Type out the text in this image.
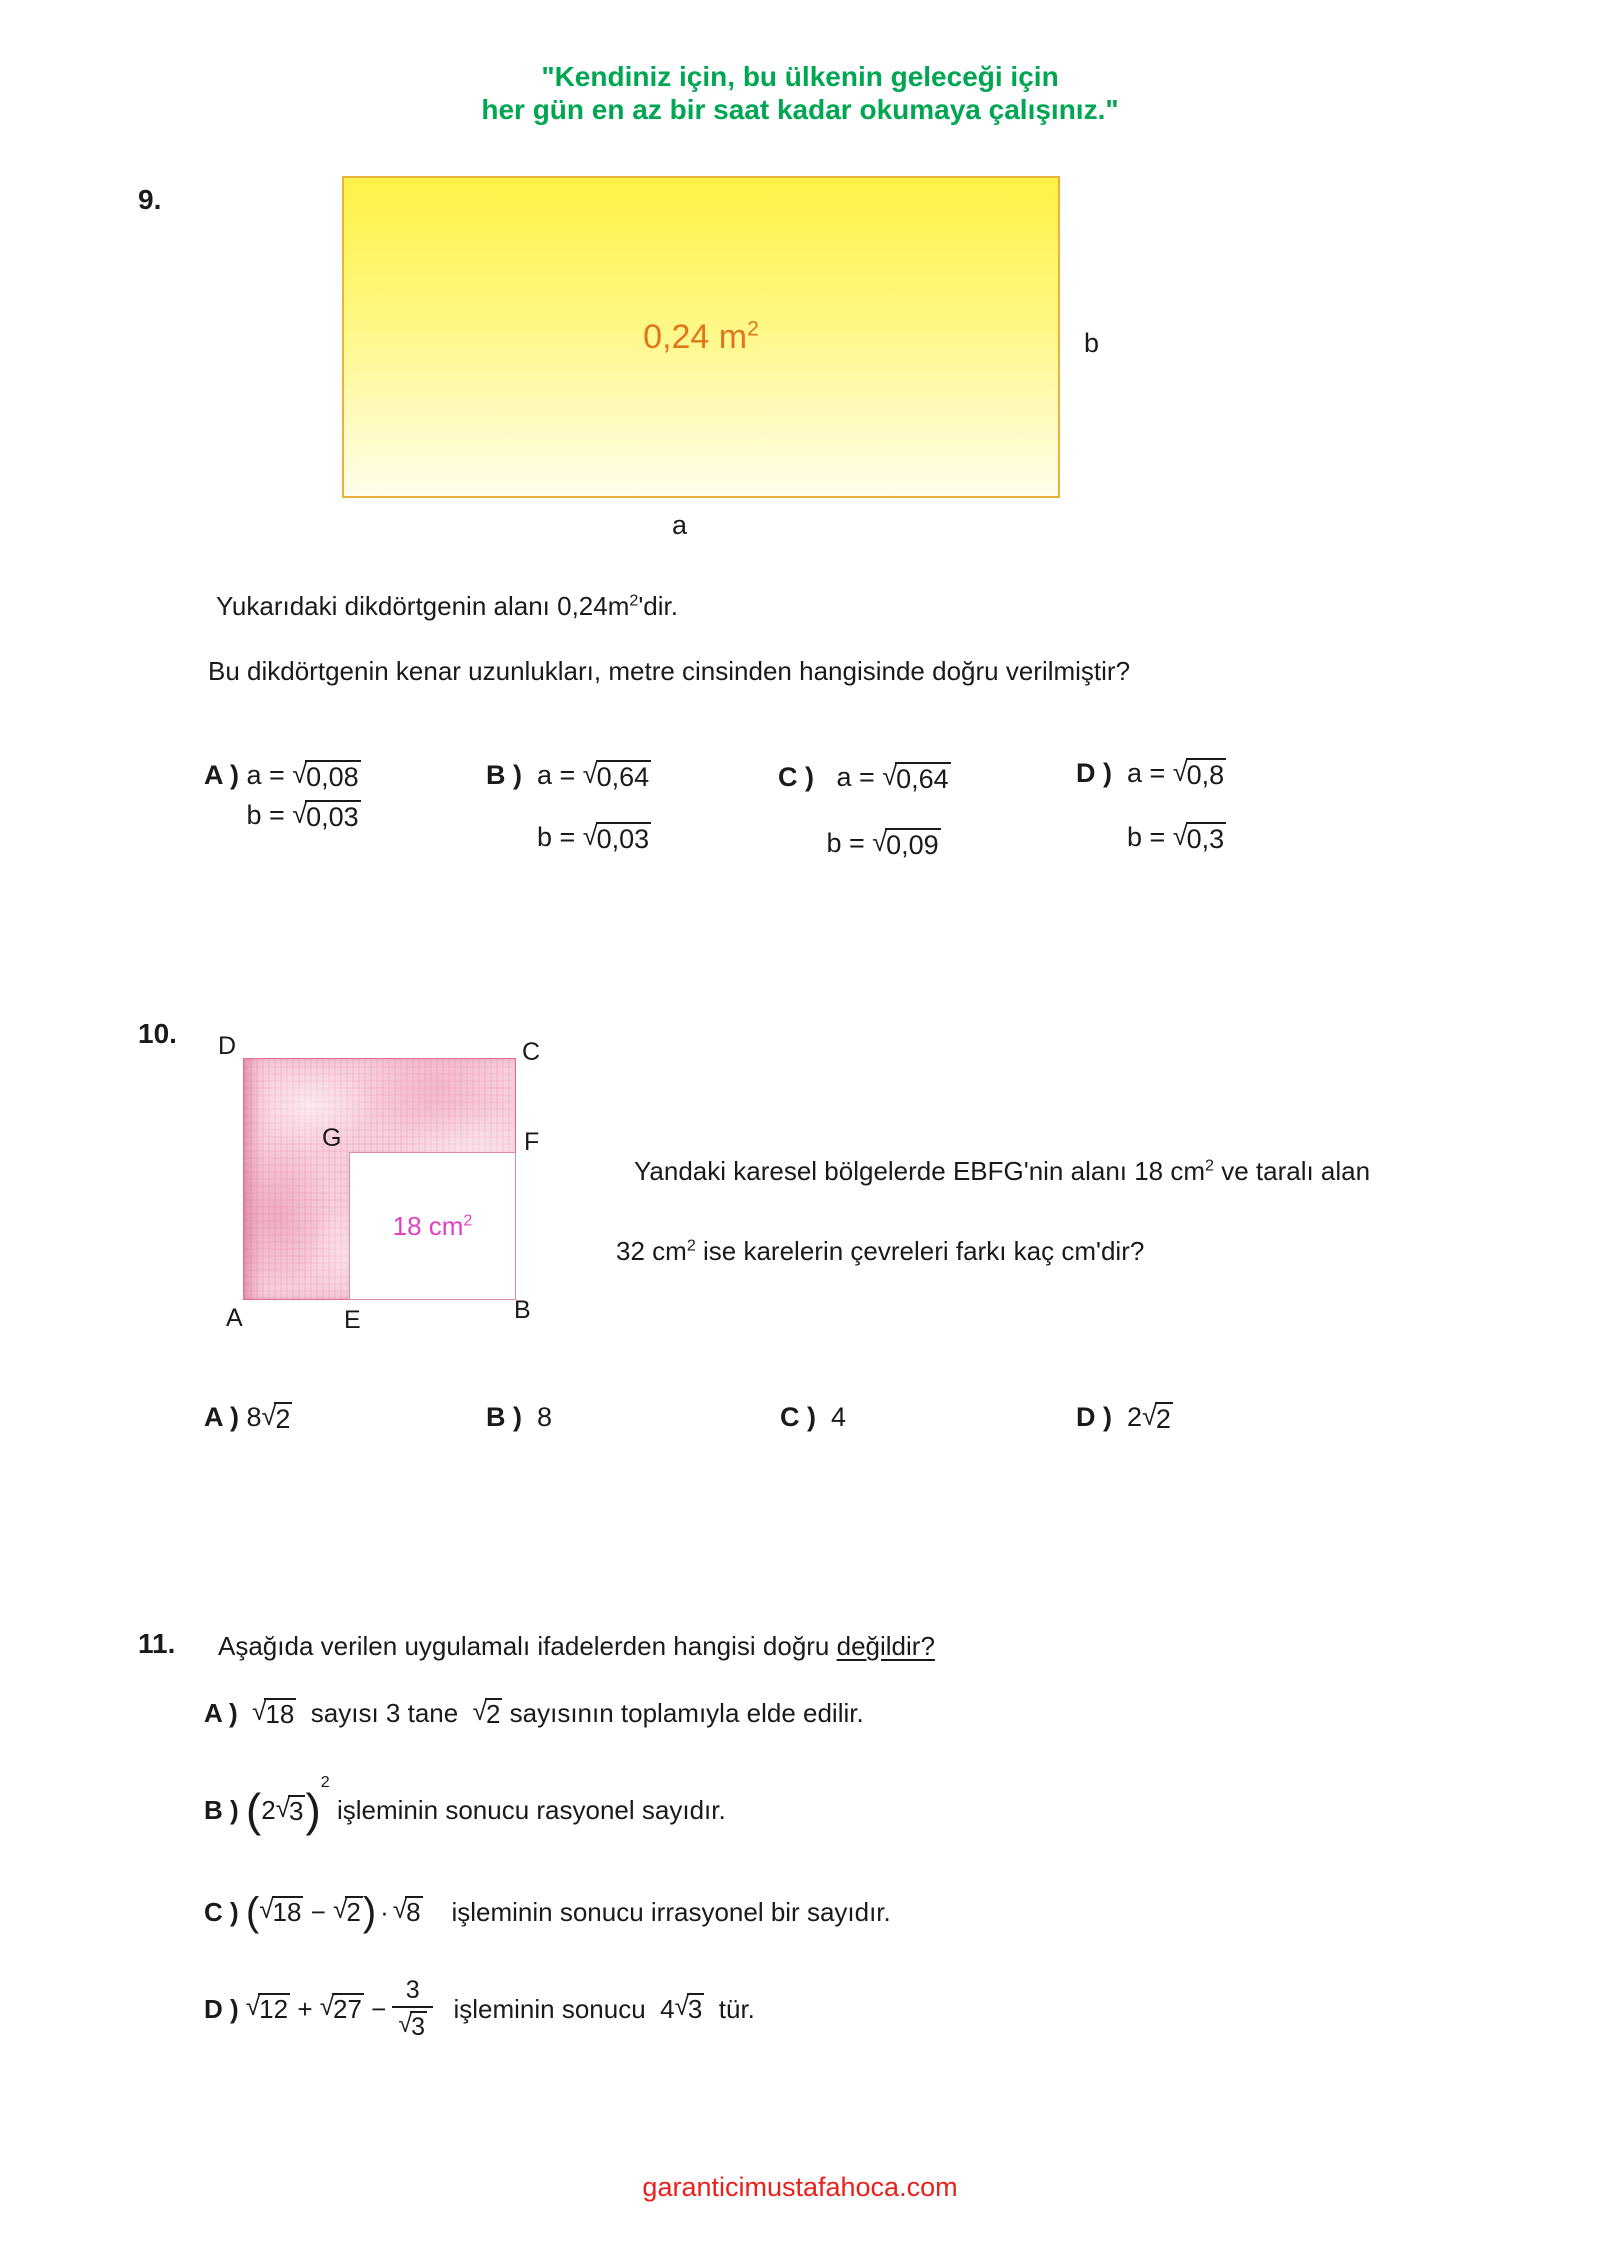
"Kendiniz için, bu ülkenin geleceği için
her gün en az bir saat kadar okumaya çalışınız."
9.
0,24 $m^2$	b
a
Yukarıdaki dikdörtgenin alanı $0,24m^2'dir$.
Bu dikdörtgenin kenar uzunlukları, metre cinsinden hangisinde doğru verilmiştir?
A ) a = √ 0,08
b = √ 0,03
B ) a = √ 0,64
b = √ 0,03
C ) a = √ 0,64
b = √ 0,09
D ) a = √ 0,8
b = √ 0,3
10.
18 $cm^2$
D	C
G	F
A	E	B
Yandaki karesel bölgelerde EBFG'nin alanı 18 $cm^2$ ve taralı alan
32 $cm^2$ ise karelerin çevreleri farkı kaç cm'dir?
A ) 8 √ 2	B ) 8	C ) 4	D ) 2 √ 2
11. Aşağıda verilen uygulamalı ifadelerden hangisi doğru değildir?
A ) √ 18 sayısı 3 tane √ 2 sayısının toplamıyla elde edilir.
B ) ( 2 √ 3 )
2
işleminin sonucu rasyonel sayıdır.
C ) ( √ 18 − √ 2 ) · √ 8 işleminin sonucu irrasyonel bir sayıdır.
D ) √ 12 + √ $27 - \frac{3}{√ 3}$ işleminin sonucu 4 √ 3 tür.
garanticimustafahoca.com
